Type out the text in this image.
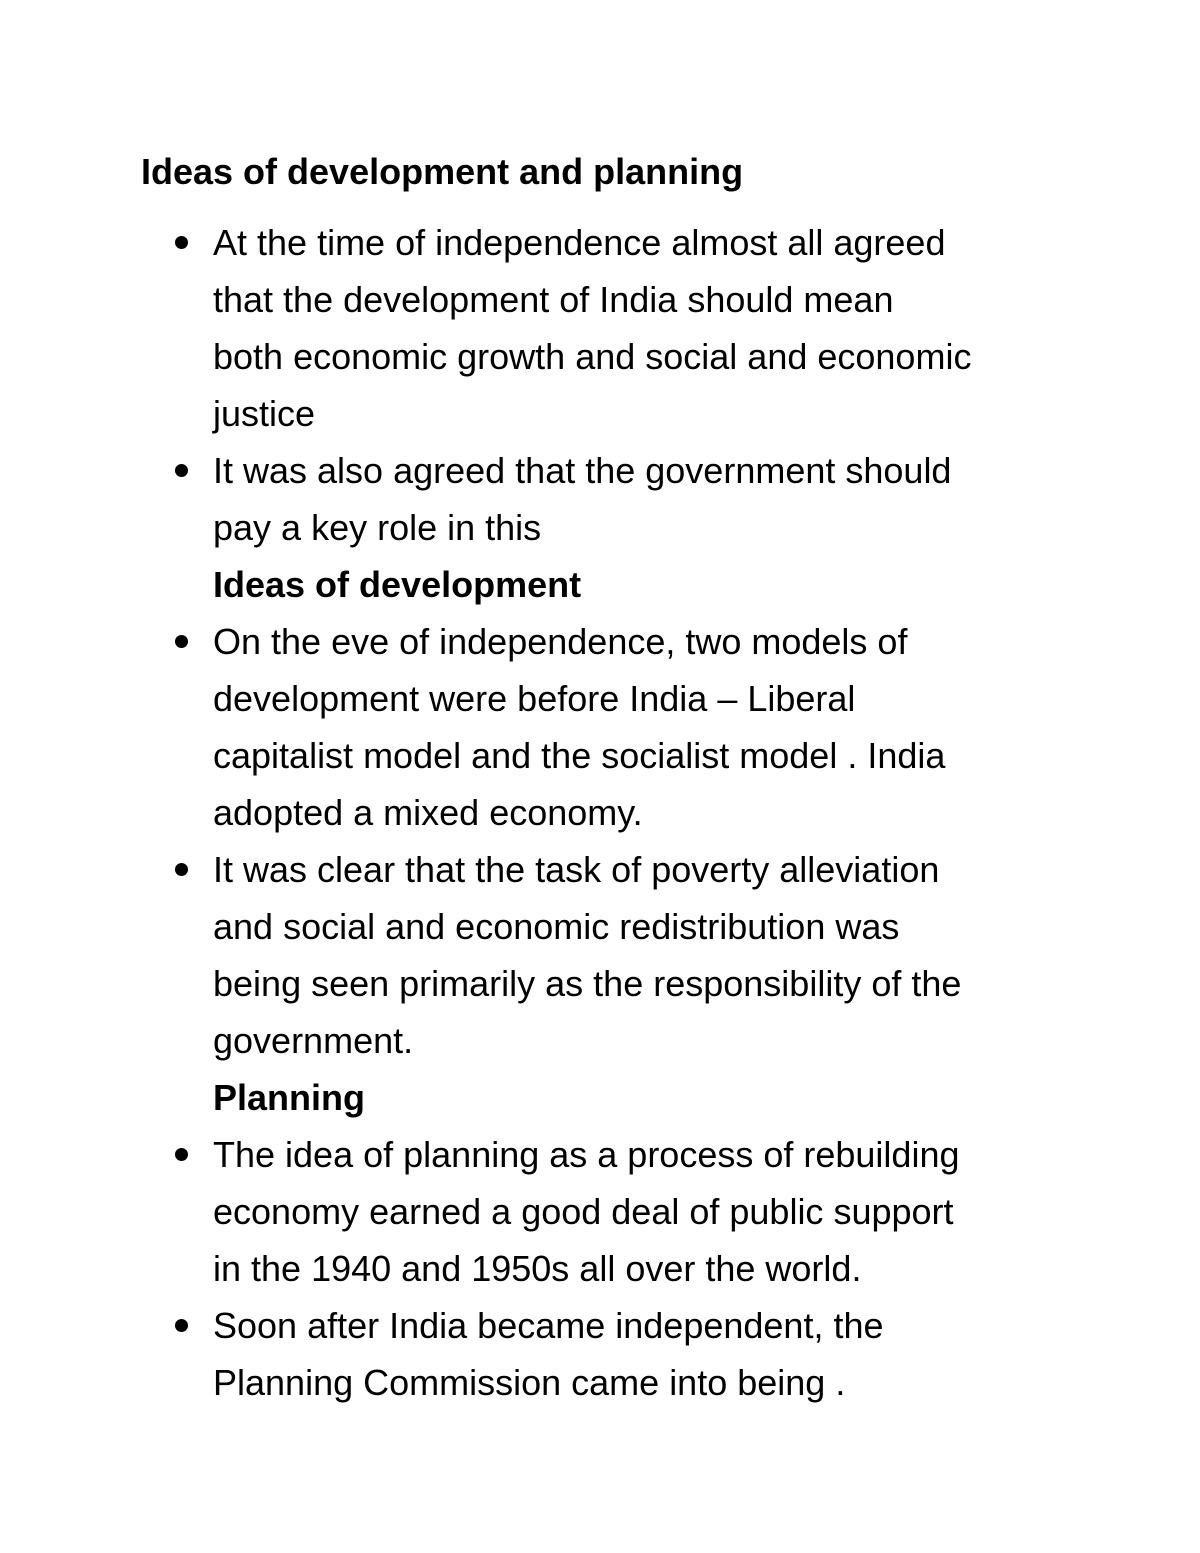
Ideas of development and planning
At the time of independence almost all agreed
that the development of India should mean
both economic growth and social and economic
justice
It was also agreed that the government should
pay a key role in this
Ideas of development
On the eve of independence, two models of
development were before India – Liberal
capitalist model and the socialist model . India
adopted a mixed economy.
It was clear that the task of poverty alleviation
and social and economic redistribution was
being seen primarily as the responsibility of the
government.
Planning
The idea of planning as a process of rebuilding
economy earned a good deal of public support
in the 1940 and 1950s all over the world.
Soon after India became independent, the
Planning Commission came into being .
